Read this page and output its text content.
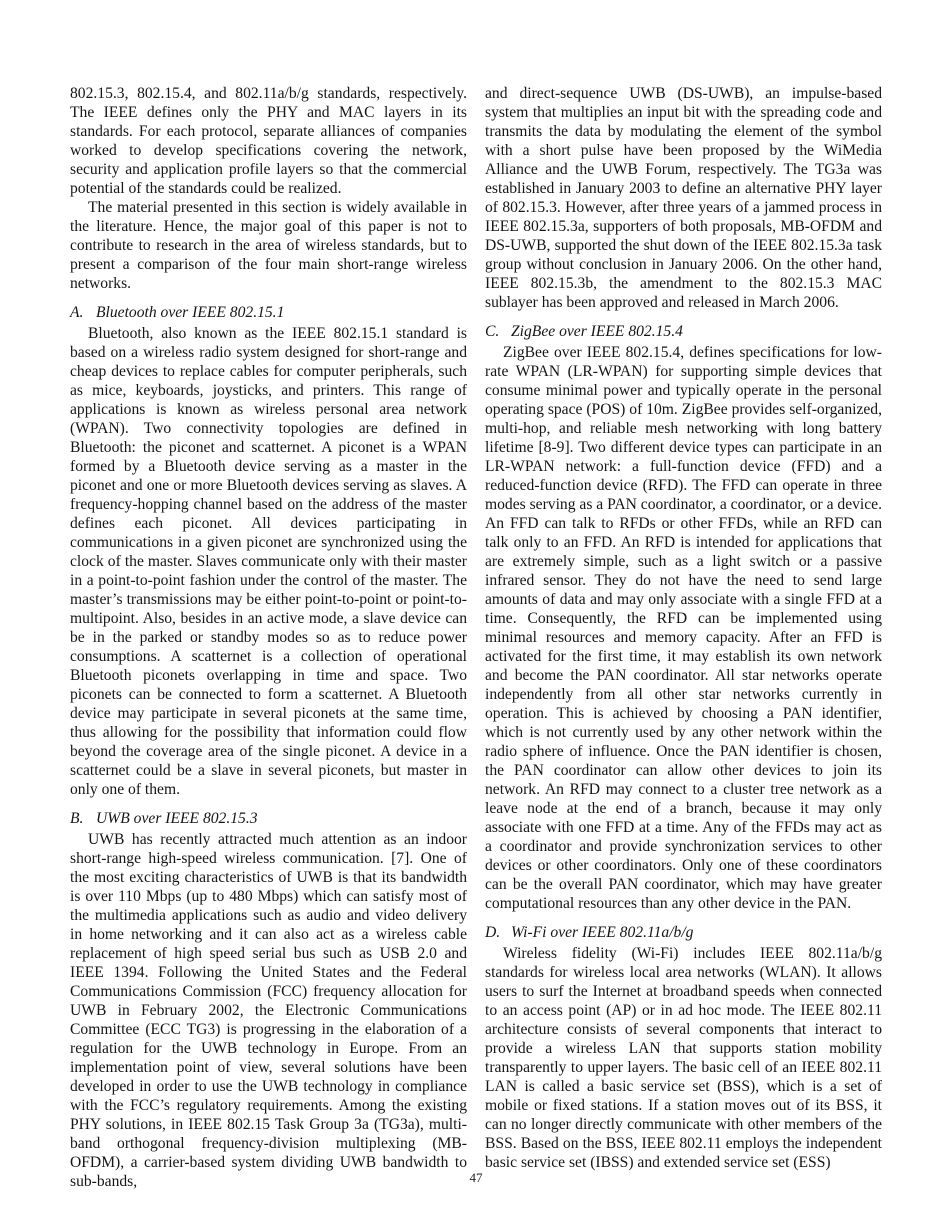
802.15.3, 802.15.4, and 802.11a/b/g standards, respectively. The IEEE defines only the PHY and MAC layers in its standards. For each protocol, separate alliances of companies worked to develop specifications covering the network, security and application profile layers so that the commercial potential of the standards could be realized.

The material presented in this section is widely available in the literature. Hence, the major goal of this paper is not to contribute to research in the area of wireless standards, but to present a comparison of the four main short-range wireless networks.

A. Bluetooth over IEEE 802.15.1

Bluetooth, also known as the IEEE 802.15.1 standard is based on a wireless radio system designed for short-range and cheap devices to replace cables for computer peripherals, such as mice, keyboards, joysticks, and printers. This range of applications is known as wireless personal area network (WPAN). Two connectivity topologies are defined in Bluetooth: the piconet and scatternet. A piconet is a WPAN formed by a Bluetooth device serving as a master in the piconet and one or more Bluetooth devices serving as slaves. A frequency-hopping channel based on the address of the master defines each piconet. All devices participating in communications in a given piconet are synchronized using the clock of the master. Slaves communicate only with their master in a point-to-point fashion under the control of the master. The master’s transmissions may be either point-to-point or point-to-multipoint. Also, besides in an active mode, a slave device can be in the parked or standby modes so as to reduce power consumptions. A scatternet is a collection of operational Bluetooth piconets overlapping in time and space. Two piconets can be connected to form a scatternet. A Bluetooth device may participate in several piconets at the same time, thus allowing for the possibility that information could flow beyond the coverage area of the single piconet. A device in a scatternet could be a slave in several piconets, but master in only one of them.

B. UWB over IEEE 802.15.3

UWB has recently attracted much attention as an indoor short-range high-speed wireless communication. [7]. One of the most exciting characteristics of UWB is that its bandwidth is over 110 Mbps (up to 480 Mbps) which can satisfy most of the multimedia applications such as audio and video delivery in home networking and it can also act as a wireless cable replacement of high speed serial bus such as USB 2.0 and IEEE 1394. Following the United States and the Federal Communications Commission (FCC) frequency allocation for UWB in February 2002, the Electronic Communications Committee (ECC TG3) is progressing in the elaboration of a regulation for the UWB technology in Europe. From an implementation point of view, several solutions have been developed in order to use the UWB technology in compliance with the FCC’s regulatory requirements. Among the existing PHY solutions, in IEEE 802.15 Task Group 3a (TG3a), multi-band orthogonal frequency-division multiplexing (MB-OFDM), a carrier-based system dividing UWB bandwidth to sub-bands,

and direct-sequence UWB (DS-UWB), an impulse-based system that multiplies an input bit with the spreading code and transmits the data by modulating the element of the symbol with a short pulse have been proposed by the WiMedia Alliance and the UWB Forum, respectively. The TG3a was established in January 2003 to define an alternative PHY layer of 802.15.3. However, after three years of a jammed process in IEEE 802.15.3a, supporters of both proposals, MB-OFDM and DS-UWB, supported the shut down of the IEEE 802.15.3a task group without conclusion in January 2006. On the other hand, IEEE 802.15.3b, the amendment to the 802.15.3 MAC sublayer has been approved and released in March 2006.

C. ZigBee over IEEE 802.15.4

ZigBee over IEEE 802.15.4, defines specifications for low-rate WPAN (LR-WPAN) for supporting simple devices that consume minimal power and typically operate in the personal operating space (POS) of 10m. ZigBee provides self-organized, multi-hop, and reliable mesh networking with long battery lifetime [8-9]. Two different device types can participate in an LR-WPAN network: a full-function device (FFD) and a reduced-function device (RFD). The FFD can operate in three modes serving as a PAN coordinator, a coordinator, or a device. An FFD can talk to RFDs or other FFDs, while an RFD can talk only to an FFD. An RFD is intended for applications that are extremely simple, such as a light switch or a passive infrared sensor. They do not have the need to send large amounts of data and may only associate with a single FFD at a time. Consequently, the RFD can be implemented using minimal resources and memory capacity. After an FFD is activated for the first time, it may establish its own network and become the PAN coordinator. All star networks operate independently from all other star networks currently in operation. This is achieved by choosing a PAN identifier, which is not currently used by any other network within the radio sphere of influence. Once the PAN identifier is chosen, the PAN coordinator can allow other devices to join its network. An RFD may connect to a cluster tree network as a leave node at the end of a branch, because it may only associate with one FFD at a time. Any of the FFDs may act as a coordinator and provide synchronization services to other devices or other coordinators. Only one of these coordinators can be the overall PAN coordinator, which may have greater computational resources than any other device in the PAN.

D. Wi-Fi over IEEE 802.11a/b/g

Wireless fidelity (Wi-Fi) includes IEEE 802.11a/b/g standards for wireless local area networks (WLAN). It allows users to surf the Internet at broadband speeds when connected to an access point (AP) or in ad hoc mode. The IEEE 802.11 architecture consists of several components that interact to provide a wireless LAN that supports station mobility transparently to upper layers. The basic cell of an IEEE 802.11 LAN is called a basic service set (BSS), which is a set of mobile or fixed stations. If a station moves out of its BSS, it can no longer directly communicate with other members of the BSS. Based on the BSS, IEEE 802.11 employs the independent basic service set (IBSS) and extended service set (ESS)

47
